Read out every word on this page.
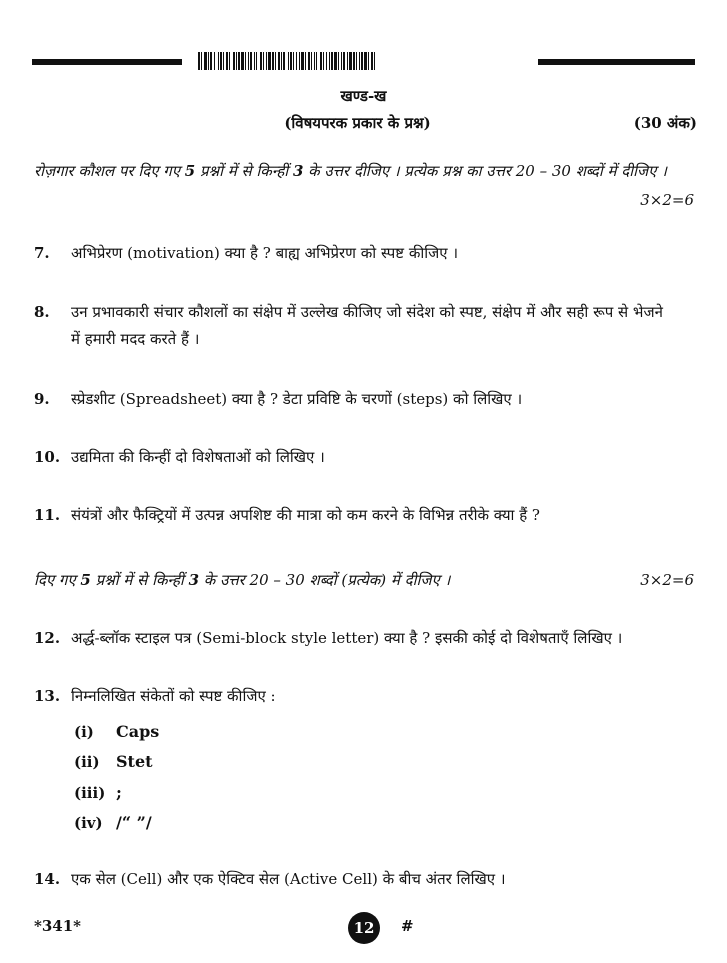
खण्ड-ख
(विषयपरक प्रकार के प्रश्न)	(30 अंक)
रोज़गार कौशल पर दिए गए 5 प्रश्नों में से किन्हीं 3 के उत्तर दीजिए । प्रत्येक प्रश्न का उत्तर 20 – 30 शब्दों में दीजिए ।
3×2=6
7. अभिप्रेरण (motivation) क्या है ? बाह्य अभिप्रेरण को स्पष्ट कीजिए ।
8. उन प्रभावकारी संचार कौशलों का संक्षेप में उल्लेख कीजिए जो संदेश को स्पष्ट, संक्षेप में और सही रूप से भेजने में हमारी मदद करते हैं ।
9. स्प्रेडशीट (Spreadsheet) क्या है ? डेटा प्रविष्टि के चरणों (steps) को लिखिए ।
10. उद्यमिता की किन्हीं दो विशेषताओं को लिखिए ।
11. संयंत्रों और फैक्ट्रियों में उत्पन्न अपशिष्ट की मात्रा को कम करने के विभिन्न तरीके क्या हैं ?
दिए गए 5 प्रश्नों में से किन्हीं 3 के उत्तर 20 – 30 शब्दों (प्रत्येक) में दीजिए ।	3×2=6
12. अर्द्ध-ब्लॉक स्टाइल पत्र (Semi-block style letter) क्या है ? इसकी कोई दो विशेषताएँ लिखिए ।
13. निम्नलिखित संकेतों को स्पष्ट कीजिए :
(i) Caps
(ii) Stet
(iii) ;
(iv) /“ ”/
14. एक सेल (Cell) और एक ऐक्टिव सेल (Active Cell) के बीच अंतर लिखिए ।
*341*	12	#
